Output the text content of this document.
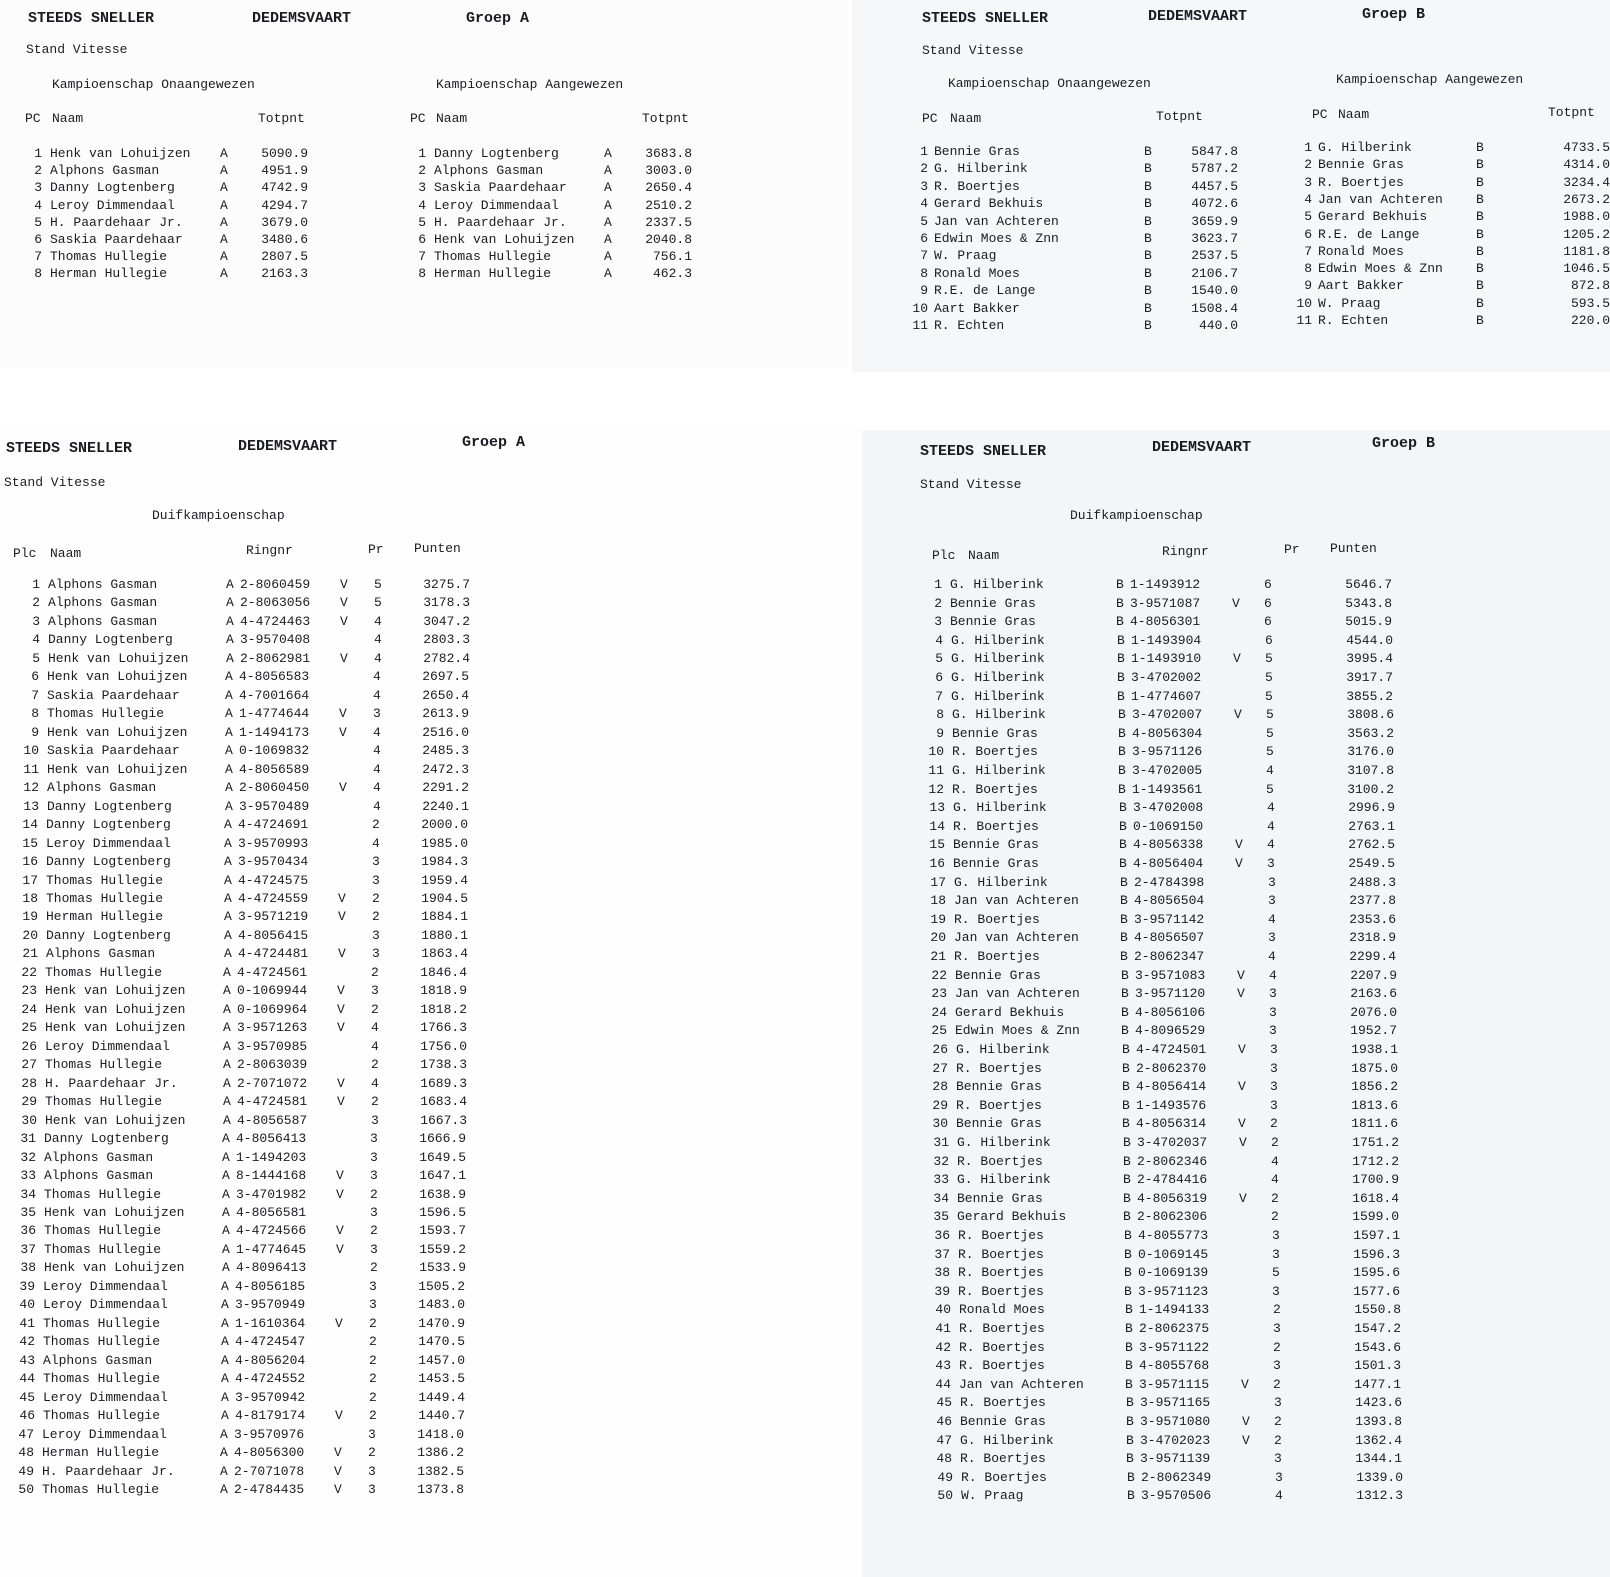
STEEDS SNELLER	DEDEMSVAART	Groep A
Stand Vitesse
Kampioenschap Onaangewezen	Kampioenschap Aangewezen
PC Naam	Totpnt	PC Naam	Totpnt
1 Henk van Lohuijzen A	5090.9
2 Alphons Gasman	A	4951.9
3 Danny Logtenberg	A	4742.9
4 Leroy Dimmendaal	A	4294.7
5 H. Paardehaar Jr.	A	3679.0
6 Saskia Paardehaar	A	3480.6
7 Thomas Hullegie	A	2807.5
8 Herman Hullegie	A	2163.3
1 Danny Logtenberg	A	3683.8
2 Alphons Gasman	A	3003.0
3 Saskia Paardehaar	A	2650.4
4 Leroy Dimmendaal	A	2510.2
5 H. Paardehaar Jr.	A	2337.5
6 Henk van Lohuijzen A	2040.8
7 Thomas Hullegie	A	756.1
8 Herman Hullegie	A	462.3
STEEDS SNELLER	DEDEMSVAART	Groep B
Stand Vitesse
Kampioenschap Onaangewezen	Kampioenschap Aangewezen
PC Naam	Totpnt	PC Naam	Totpnt
1 Bennie Gras	B	5847.8
2 G. Hilberink	B	5787.2
3 R. Boertjes	B	4457.5
4 Gerard Bekhuis	B	4072.6
5 Jan van Achteren	B	3659.9
6 Edwin Moes & Znn	B	3623.7
7 W. Praag	B	2537.5
8 Ronald Moes	B	2106.7
9 R.E. de Lange	B	1540.0
10 Aart Bakker	B	1508.4
11 R. Echten	B	440.0
1 G. Hilberink	B	4733.5
2 Bennie Gras	B	4314.0
3 R. Boertjes	B	3234.4
4 Jan van Achteren	B	2673.2
5 Gerard Bekhuis	B	1988.0
6 R.E. de Lange	B	1205.2
7 Ronald Moes	B	1181.8
8 Edwin Moes & Znn	B	1046.5
9 Aart Bakker	B	872.8
10 W. Praag	B	593.5
11 R. Echten	B	220.0
STEEDS SNELLER	DEDEMSVAART	Groep A
Stand Vitesse
Duifkampioenschap
Plc Naam	Ringnr	Pr Punten
1 Alphons Gasman	A 2-8060459 V 5	3275.7
2 Alphons Gasman	A 2-8063056 V 5	3178.3
3 Alphons Gasman	A 4-4724463 V 4	3047.2
4 Danny Logtenberg	A 3-9570408	4	2803.3
5 Henk van Lohuijzen	A 2-8062981 V 4	2782.4
6 Henk van Lohuijzen	A 4-8056583	4	2697.5
7 Saskia Paardehaar	A 4-7001664	4	2650.4
8 Thomas Hullegie	A 1-4774644 V 3	2613.9
9 Henk van Lohuijzen	A 1-1494173 V 4	2516.0
10 Saskia Paardehaar	A 0-1069832	4	2485.3
11 Henk van Lohuijzen	A 4-8056589	4	2472.3
12 Alphons Gasman	A 2-8060450 V 4	2291.2
13 Danny Logtenberg	A 3-9570489	4	2240.1
14 Danny Logtenberg	A 4-4724691	2	2000.0
15 Leroy Dimmendaal	A 3-9570993	4	1985.0
16 Danny Logtenberg	A 3-9570434	3	1984.3
17 Thomas Hullegie	A 4-4724575	3	1959.4
18 Thomas Hullegie	A 4-4724559 V 2	1904.5
19 Herman Hullegie	A 3-9571219 V 2	1884.1
20 Danny Logtenberg	A 4-8056415	3	1880.1
21 Alphons Gasman	A 4-4724481 V 3	1863.4
22 Thomas Hullegie	A 4-4724561	2	1846.4
23 Henk van Lohuijzen	A 0-1069944 V 3	1818.9
24 Henk van Lohuijzen	A 0-1069964 V 2	1818.2
25 Henk van Lohuijzen	A 3-9571263 V 4	1766.3
26 Leroy Dimmendaal	A 3-9570985	4	1756.0
27 Thomas Hullegie	A 2-8063039	2	1738.3
28 H. Paardehaar Jr.	A 2-7071072 V 4	1689.3
29 Thomas Hullegie	A 4-4724581 V 2	1683.4
30 Henk van Lohuijzen	A 4-8056587	3	1667.3
31 Danny Logtenberg	A 4-8056413	3	1666.9
32 Alphons Gasman	A 1-1494203	3	1649.5
33 Alphons Gasman	A 8-1444168 V 3	1647.1
34 Thomas Hullegie	A 3-4701982 V 2	1638.9
35 Henk van Lohuijzen	A 4-8056581	3	1596.5
36 Thomas Hullegie	A 4-4724566 V 2	1593.7
37 Thomas Hullegie	A 1-4774645 V 3	1559.2
38 Henk van Lohuijzen	A 4-8096413	2	1533.9
39 Leroy Dimmendaal	A 4-8056185	3	1505.2
40 Leroy Dimmendaal	A 3-9570949	3	1483.0
41 Thomas Hullegie	A 1-1610364 V 2	1470.9
42 Thomas Hullegie	A 4-4724547	2	1470.5
43 Alphons Gasman	A 4-8056204	2	1457.0
44 Thomas Hullegie	A 4-4724552	2	1453.5
45 Leroy Dimmendaal	A 3-9570942	2	1449.4
46 Thomas Hullegie	A 4-8179174 V 2	1440.7
47 Leroy Dimmendaal	A 3-9570976	3	1418.0
48 Herman Hullegie	A 4-8056300 V 2	1386.2
49 H. Paardehaar Jr.	A 2-7071078 V 3	1382.5
50 Thomas Hullegie	A 2-4784435 V 3	1373.8
STEEDS SNELLER	DEDEMSVAART	Groep B
Stand Vitesse
Duifkampioenschap
Plc Naam	Ringnr	Pr Punten
1 G. Hilberink	B 1-1493912	6	5646.7
2 Bennie Gras	B 3-9571087 V 6	5343.8
3 Bennie Gras	B 4-8056301	6	5015.9
4 G. Hilberink	B 1-1493904	6	4544.0
5 G. Hilberink	B 1-1493910 V 5	3995.4
6 G. Hilberink	B 3-4702002	5	3917.7
7 G. Hilberink	B 1-4774607	5	3855.2
8 G. Hilberink	B 3-4702007 V 5	3808.6
9 Bennie Gras	B 4-8056304	5	3563.2
10 R. Boertjes	B 3-9571126	5	3176.0
11 G. Hilberink	B 3-4702005	4	3107.8
12 R. Boertjes	B 1-1493561	5	3100.2
13 G. Hilberink	B 3-4702008	4	2996.9
14 R. Boertjes	B 0-1069150	4	2763.1
15 Bennie Gras	B 4-8056338 V 4	2762.5
16 Bennie Gras	B 4-8056404 V 3	2549.5
17 G. Hilberink	B 2-4784398	3	2488.3
18 Jan van Achteren	B 4-8056504	3	2377.8
19 R. Boertjes	B 3-9571142	4	2353.6
20 Jan van Achteren	B 4-8056507	3	2318.9
21 R. Boertjes	B 2-8062347	4	2299.4
22 Bennie Gras	B 3-9571083 V 4	2207.9
23 Jan van Achteren	B 3-9571120 V 3	2163.6
24 Gerard Bekhuis	B 4-8056106	3	2076.0
25 Edwin Moes & Znn	B 4-8096529	3	1952.7
26 G. Hilberink	B 4-4724501 V 3	1938.1
27 R. Boertjes	B 2-8062370	3	1875.0
28 Bennie Gras	B 4-8056414 V 3	1856.2
29 R. Boertjes	B 1-1493576	3	1813.6
30 Bennie Gras	B 4-8056314 V 2	1811.6
31 G. Hilberink	B 3-4702037 V 2	1751.2
32 R. Boertjes	B 2-8062346	4	1712.2
33 G. Hilberink	B 2-4784416	4	1700.9
34 Bennie Gras	B 4-8056319 V 2	1618.4
35 Gerard Bekhuis	B 2-8062306	2	1599.0
36 R. Boertjes	B 4-8055773	3	1597.1
37 R. Boertjes	B 0-1069145	3	1596.3
38 R. Boertjes	B 0-1069139	5	1595.6
39 R. Boertjes	B 3-9571123	3	1577.6
40 Ronald Moes	B 1-1494133	2	1550.8
41 R. Boertjes	B 2-8062375	3	1547.2
42 R. Boertjes	B 3-9571122	2	1543.6
43 R. Boertjes	B 4-8055768	3	1501.3
44 Jan van Achteren	B 3-9571115 V 2	1477.1
45 R. Boertjes	B 3-9571165	3	1423.6
46 Bennie Gras	B 3-9571080 V 2	1393.8
47 G. Hilberink	B 3-4702023 V 2	1362.4
48 R. Boertjes	B 3-9571139	3	1344.1
49 R. Boertjes	B 2-8062349	3	1339.0
50 W. Praag	B 3-9570506	4	1312.3
